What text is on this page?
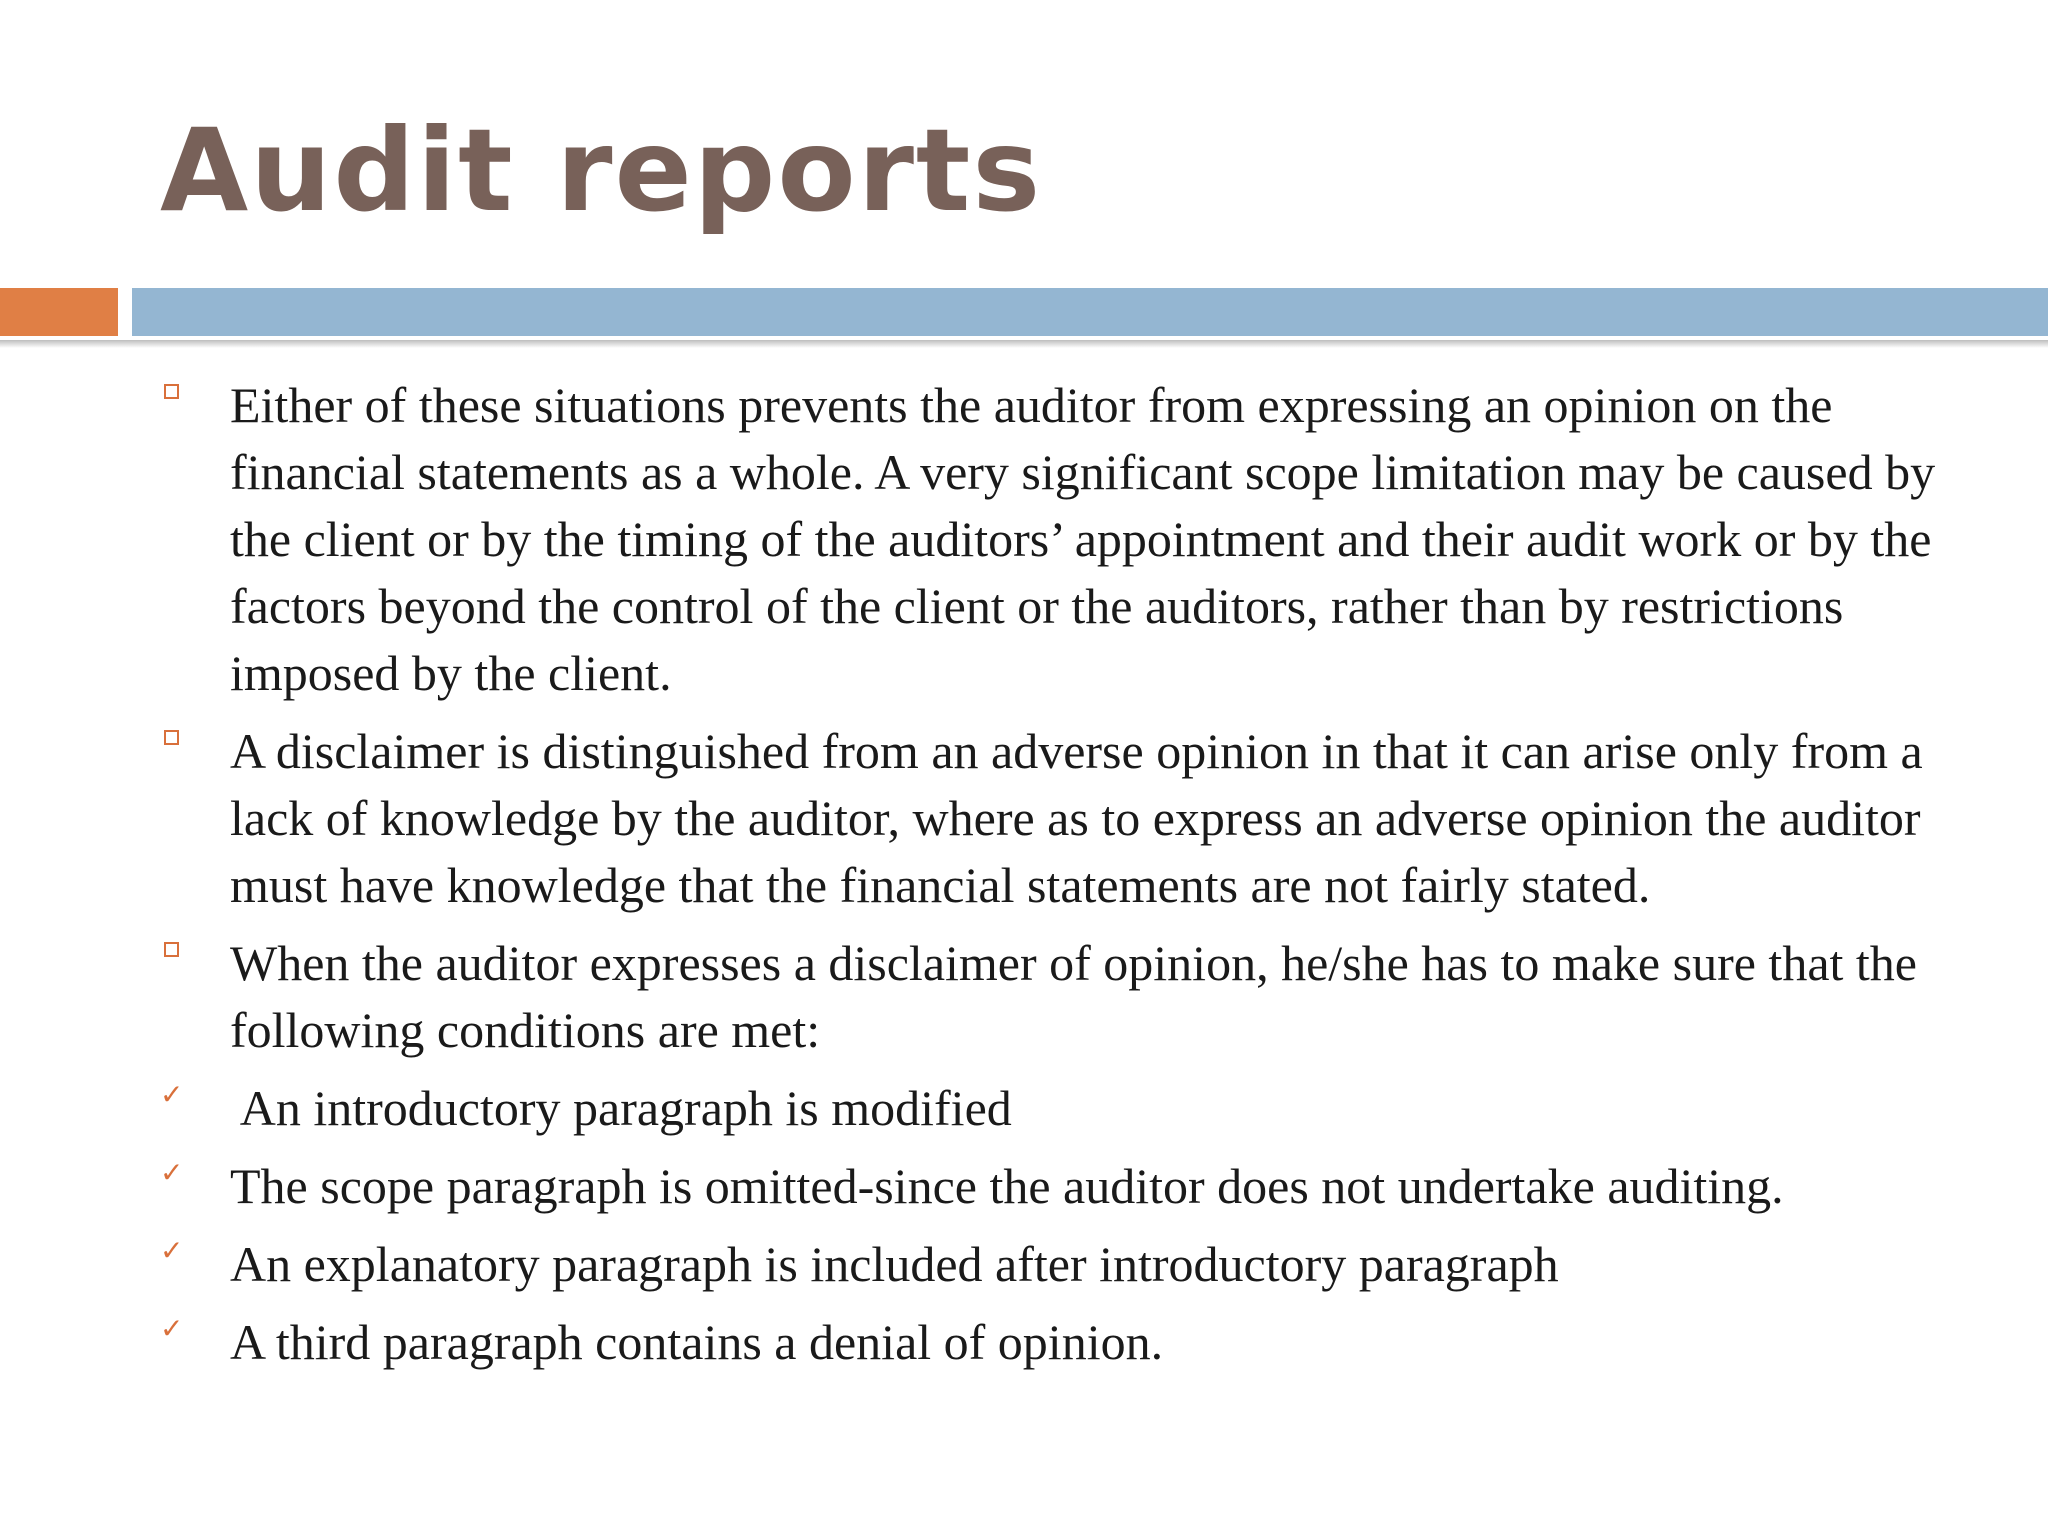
Audit reports
Either of these situations prevents the auditor from expressing an opinion on the financial statements as a whole. A very significant scope limitation may be caused by the client or by the timing of the auditors’ appointment and their audit work or by the factors beyond the control of the client or the auditors, rather than by restrictions imposed by the client.
A disclaimer is distinguished from an adverse opinion in that it can arise only from a lack of knowledge by the auditor, where as to express an adverse opinion the auditor must have knowledge that the financial statements are not fairly stated.
When the auditor expresses a disclaimer of opinion, he/she has to make sure that the following conditions are met:
✓ An introductory paragraph is modified
✓ The scope paragraph is omitted-since the auditor does not undertake auditing.
✓ An explanatory paragraph is included after introductory paragraph
✓ A third paragraph contains a denial of opinion.
